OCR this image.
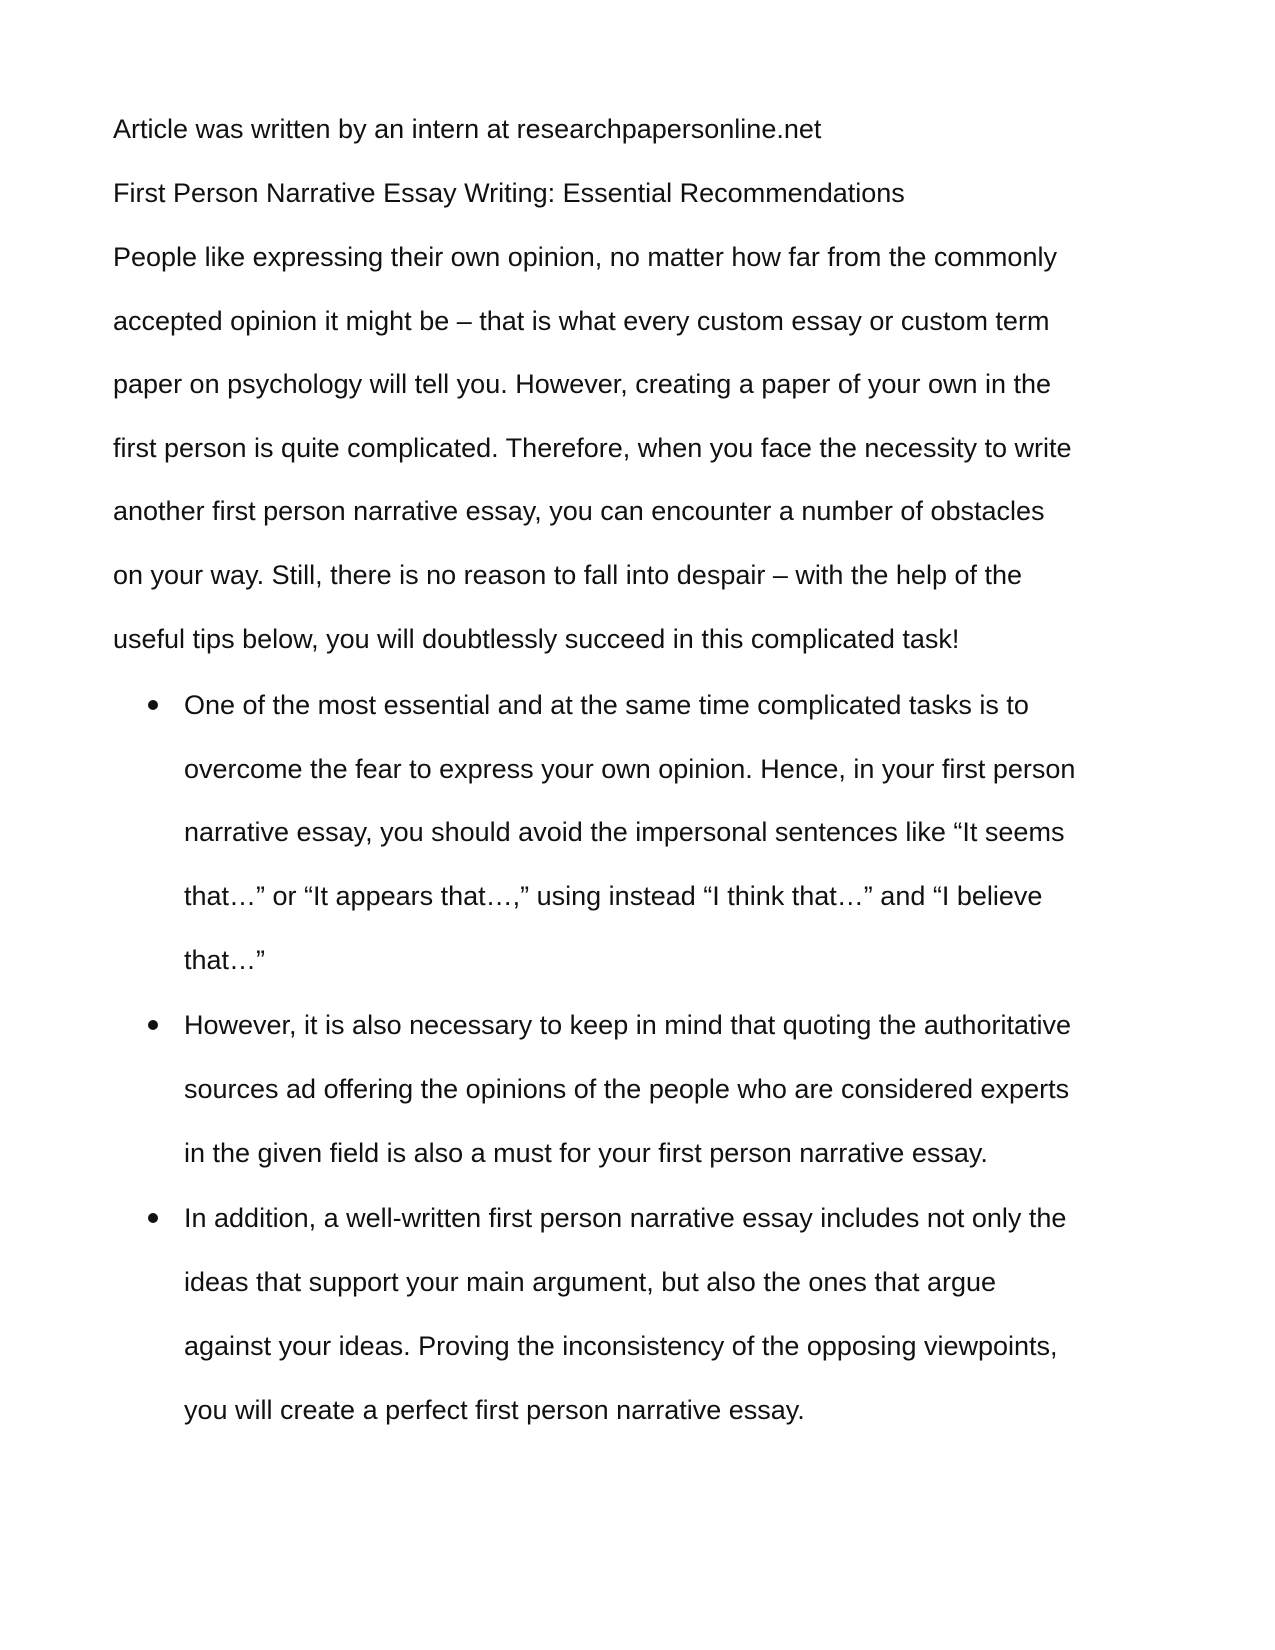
Article was written by an intern at researchpapersonline.net
First Person Narrative Essay Writing: Essential Recommendations
People like expressing their own opinion, no matter how far from the commonly
accepted opinion it might be – that is what every custom essay or custom term
paper on psychology will tell you. However, creating a paper of your own in the
first person is quite complicated. Therefore, when you face the necessity to write
another first person narrative essay, you can encounter a number of obstacles
on your way. Still, there is no reason to fall into despair – with the help of the
useful tips below, you will doubtlessly succeed in this complicated task!
One of the most essential and at the same time complicated tasks is to
overcome the fear to express your own opinion. Hence, in your first person
narrative essay, you should avoid the impersonal sentences like “It seems
that…” or “It appears that…,” using instead “I think that…” and “I believe
that…”
However, it is also necessary to keep in mind that quoting the authoritative
sources ad offering the opinions of the people who are considered experts
in the given field is also a must for your first person narrative essay.
In addition, a well-written first person narrative essay includes not only the
ideas that support your main argument, but also the ones that argue
against your ideas. Proving the inconsistency of the opposing viewpoints,
you will create a perfect first person narrative essay.
